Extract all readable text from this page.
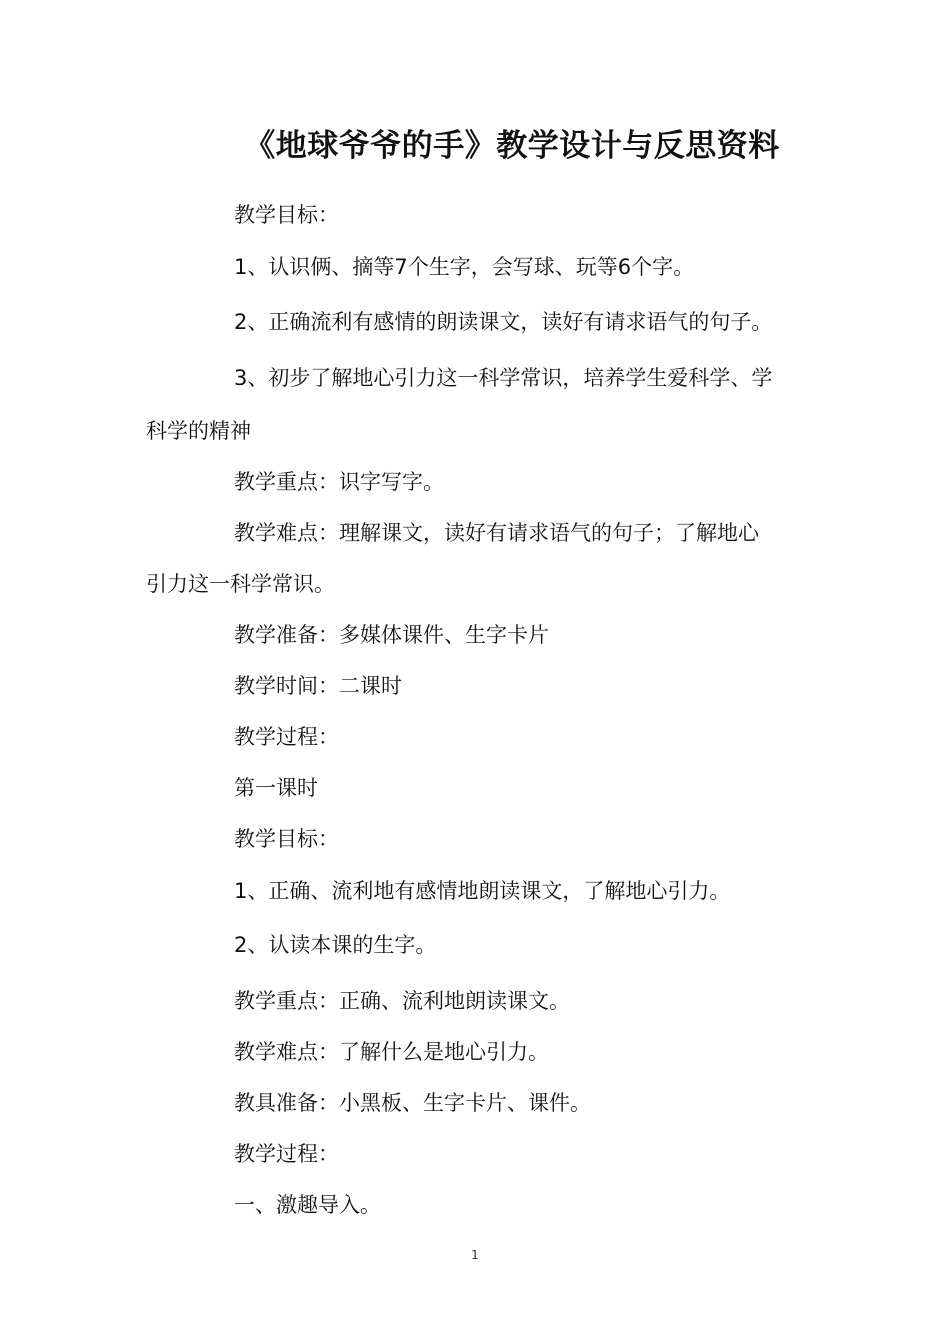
《地球爷爷的手》教学设计与反思资料
教学目标：
1、认识俩、摘等7个生字，会写球、玩等6个字。
2、正确流利有感情的朗读课文，读好有请求语气的句子。
3、初步了解地心引力这一科学常识，培养学生爱科学、学
科学的精神
教学重点：识字写字。
教学难点：理解课文，读好有请求语气的句子；了解地心
引力这一科学常识。
教学准备：多媒体课件、生字卡片
教学时间：二课时
教学过程：
第一课时
教学目标：
1、正确、流利地有感情地朗读课文，了解地心引力。
2、认读本课的生字。
教学重点：正确、流利地朗读课文。
教学难点：了解什么是地心引力。
教具准备：小黑板、生字卡片、课件。
教学过程：
一、激趣导入。
1
